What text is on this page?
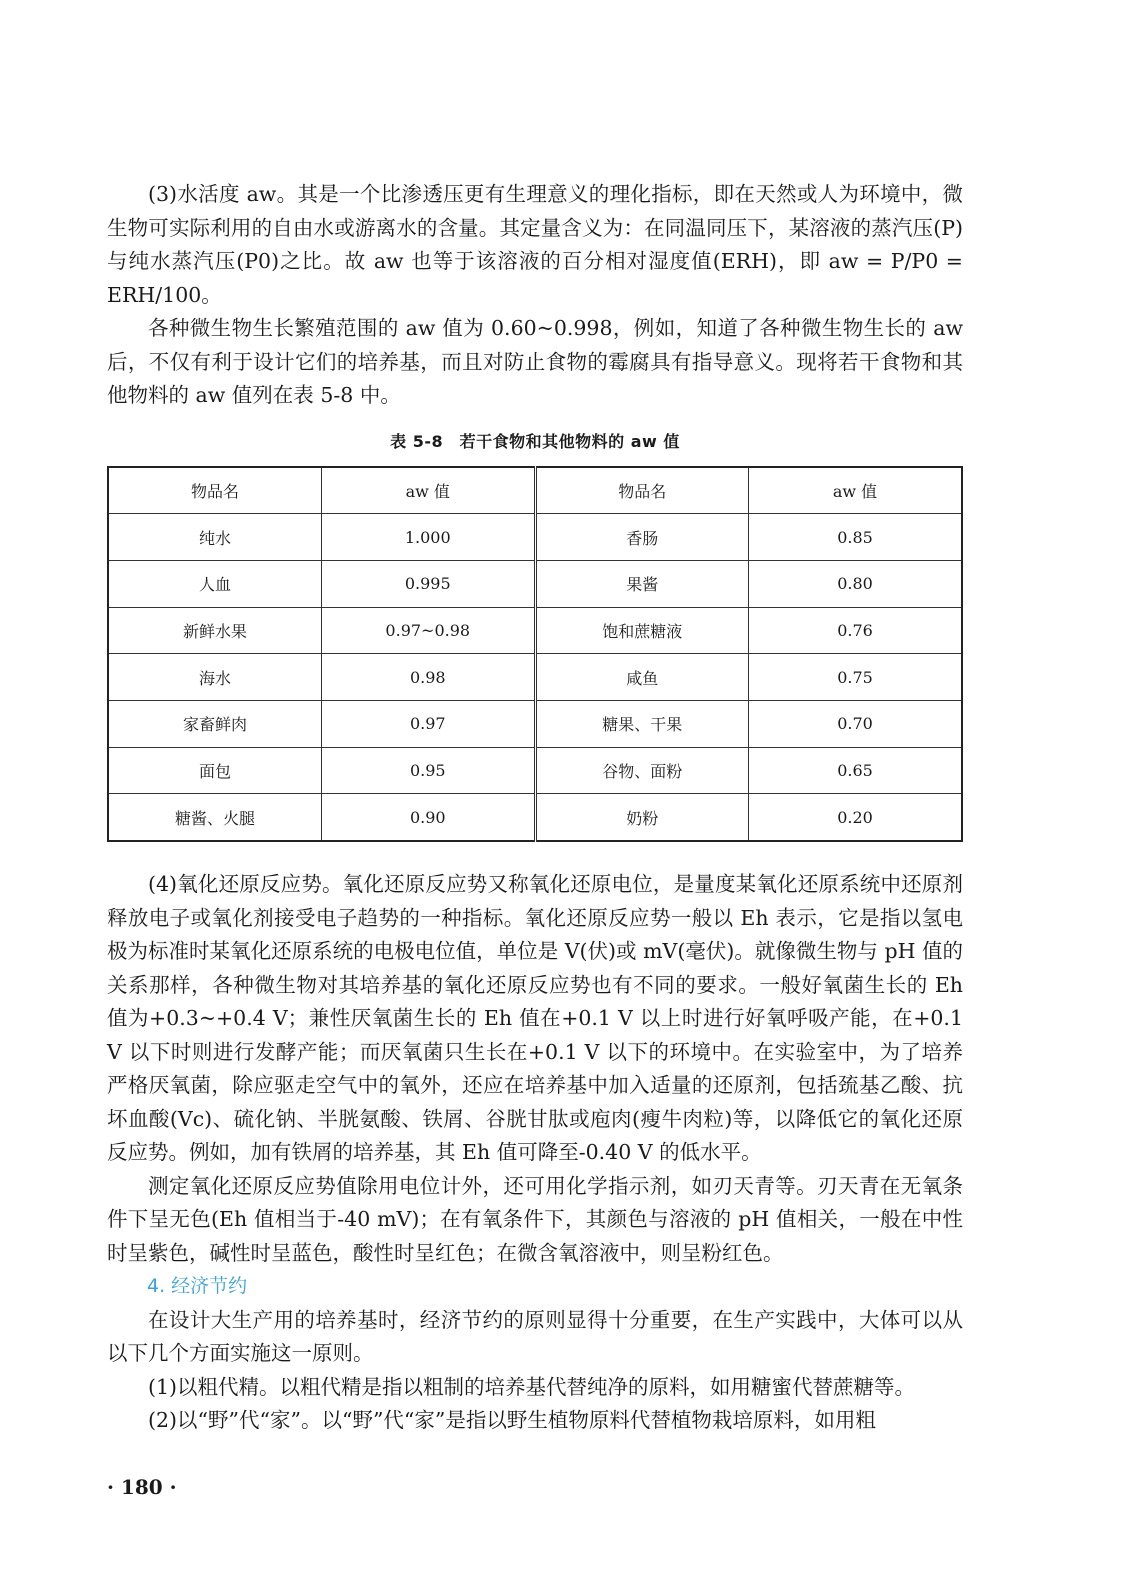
(3)水活度 aw。其是一个比渗透压更有生理意义的理化指标，即在天然或人为环境中，微生物可实际利用的自由水或游离水的含量。其定量含义为：在同温同压下，某溶液的蒸汽压(P)与纯水蒸汽压(P0)之比。故 aw 也等于该溶液的百分相对湿度值(ERH)，即 aw = P/P0 = ERH/100。

各种微生物生长繁殖范围的 aw 值为 0.60~0.998，例如，知道了各种微生物生长的 aw 后，不仅有利于设计它们的培养基，而且对防止食物的霉腐具有指导意义。现将若干食物和其他物料的 aw 值列在表 5-8 中。

表 5-8　若干食物和其他物料的 aw 值
物品名	aw 值	物品名	aw 值
纯水	1.000	香肠	0.85
人血	0.995	果酱	0.80
新鲜水果	0.97~0.98	饱和蔗糖液	0.76
海水	0.98	咸鱼	0.75
家畜鲜肉	0.97	糖果、干果	0.70
面包	0.95	谷物、面粉	0.65
糖酱、火腿	0.90	奶粉	0.20

(4)氧化还原反应势。氧化还原反应势又称氧化还原电位，是量度某氧化还原系统中还原剂释放电子或氧化剂接受电子趋势的一种指标。氧化还原反应势一般以 Eh 表示，它是指以氢电极为标准时某氧化还原系统的电极电位值，单位是 V(伏)或 mV(毫伏)。就像微生物与 pH 值的关系那样，各种微生物对其培养基的氧化还原反应势也有不同的要求。一般好氧菌生长的 Eh 值为+0.3~+0.4 V；兼性厌氧菌生长的 Eh 值在+0.1 V 以上时进行好氧呼吸产能，在+0.1 V 以下时则进行发酵产能；而厌氧菌只生长在+0.1 V 以下的环境中。在实验室中，为了培养严格厌氧菌，除应驱走空气中的氧外，还应在培养基中加入适量的还原剂，包括巯基乙酸、抗坏血酸(Vc)、硫化钠、半胱氨酸、铁屑、谷胱甘肽或庖肉(瘦牛肉粒)等，以降低它的氧化还原反应势。例如，加有铁屑的培养基，其 Eh 值可降至-0.40 V 的低水平。

测定氧化还原反应势值除用电位计外，还可用化学指示剂，如刃天青等。刃天青在无氧条件下呈无色(Eh 值相当于-40 mV)；在有氧条件下，其颜色与溶液的 pH 值相关，一般在中性时呈紫色，碱性时呈蓝色，酸性时呈红色；在微含氧溶液中，则呈粉红色。

4. 经济节约

在设计大生产用的培养基时，经济节约的原则显得十分重要，在生产实践中，大体可以从以下几个方面实施这一原则。

(1)以粗代精。以粗代精是指以粗制的培养基代替纯净的原料，如用糖蜜代替蔗糖等。

(2)以“野”代“家”。以“野”代“家”是指以野生植物原料代替植物栽培原料，如用粗

· 180 ·
